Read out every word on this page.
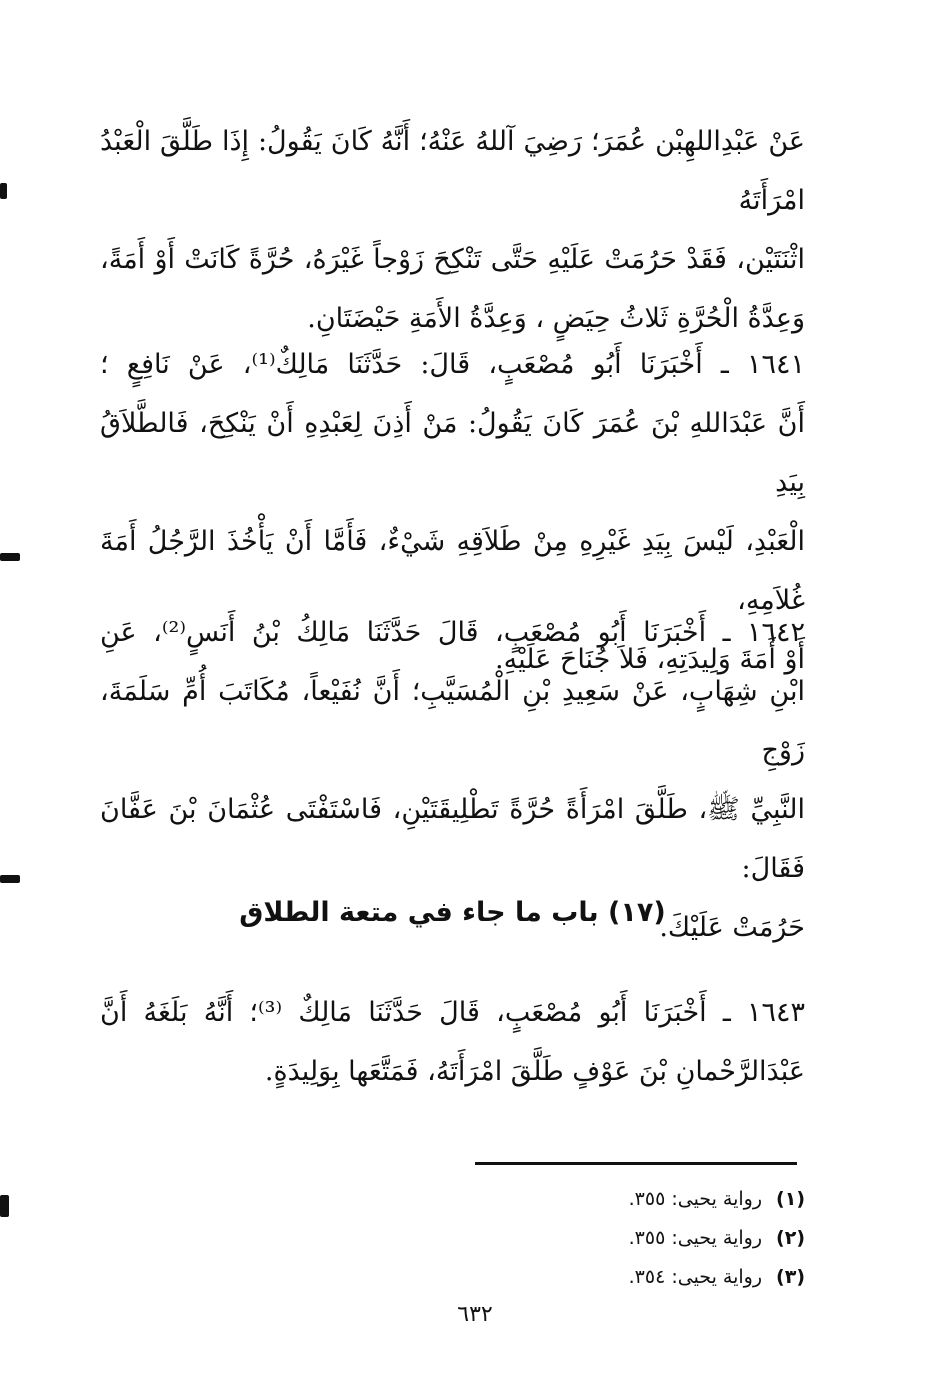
عَنْ عَبْدِاللهِبْن عُمَرَ؛ رَضِيَ آللهُ عَنْهُ؛ أَنَّهُ كَانَ يَقُولُ: إِذَا طَلَّقَ الْعَبْدُ امْرَأَتَهُ
اثْنَتَيْن، فَقَدْ حَرُمَتْ عَلَيْهِ حَتَّى تَنْكِحَ زَوْجاً غَيْرَهُ، حُرَّةً كَانَتْ أَوْ أَمَةً،
وَعِدَّةُ الْحُرَّةِ ثَلاثُ حِيَضٍ ، وَعِدَّةُ الأَمَةِ حَيْضَتَانِ.
١٦٤١ ـ أَخْبَرَنَا أَبُو مُصْعَبٍ، قَالَ: حَدَّثَنَا مَالِكٌ⁽¹⁾، عَنْ نَافِعٍ ؛
أَنَّ عَبْدَاللهِ بْنَ عُمَرَ كَانَ يَقُولُ: مَنْ أَذِنَ لِعَبْدِهِ أَنْ يَنْكِحَ، فَالطَّلاَقُ بِيَدِ
الْعَبْدِ، لَيْسَ بِيَدِ غَيْرِهِ مِنْ طَلاَقِهِ شَيْءٌ، فَأَمَّا أَنْ يَأْخُذَ الرَّجُلُ أَمَةَ غُلاَمِهِ،
أَوْ أَمَةَ وَلِيدَتِهِ، فَلاَ جُنَاحَ عَلَيْهِ.
١٦٤٢ ـ أَخْبَرَنَا أَبُو مُصْعَبٍ، قَالَ حَدَّثَنَا مَالِكُ بْنُ أَنَسٍ⁽²⁾، عَنِ
ابْنِ شِهَابٍ، عَنْ سَعِيدِ بْنِ الْمُسَيَّبِ؛ أَنَّ نُفَيْعاً، مُكَاتَبَ أُمِّ سَلَمَةَ، زَوْجِ
النَّبِيِّ ﷺ، طَلَّقَ امْرَأَةً حُرَّةً تَطْلِيقَتَيْنِ، فَاسْتَفْتَى عُثْمَانَ بْنَ عَفَّانَ فَقَالَ:
حَرُمَتْ عَلَيْكَ.
(١٧) باب ما جاء في متعة الطلاق
١٦٤٣ ـ أَخْبَرَنَا أَبُو مُصْعَبٍ، قَالَ حَدَّثَنَا مَالِكٌ ⁽³⁾؛ أَنَّهُ بَلَغَهُ أَنَّ
عَبْدَالرَّحْمانِ بْنَ عَوْفٍ طَلَّقَ امْرَأَتَهُ، فَمَتَّعَها بِوَلِيدَةٍ.
(١)رواية يحيى: ٣٥٥.
(٢)رواية يحيى: ٣٥٥.
(٣)رواية يحيى: ٣٥٤.
٦٣٢
